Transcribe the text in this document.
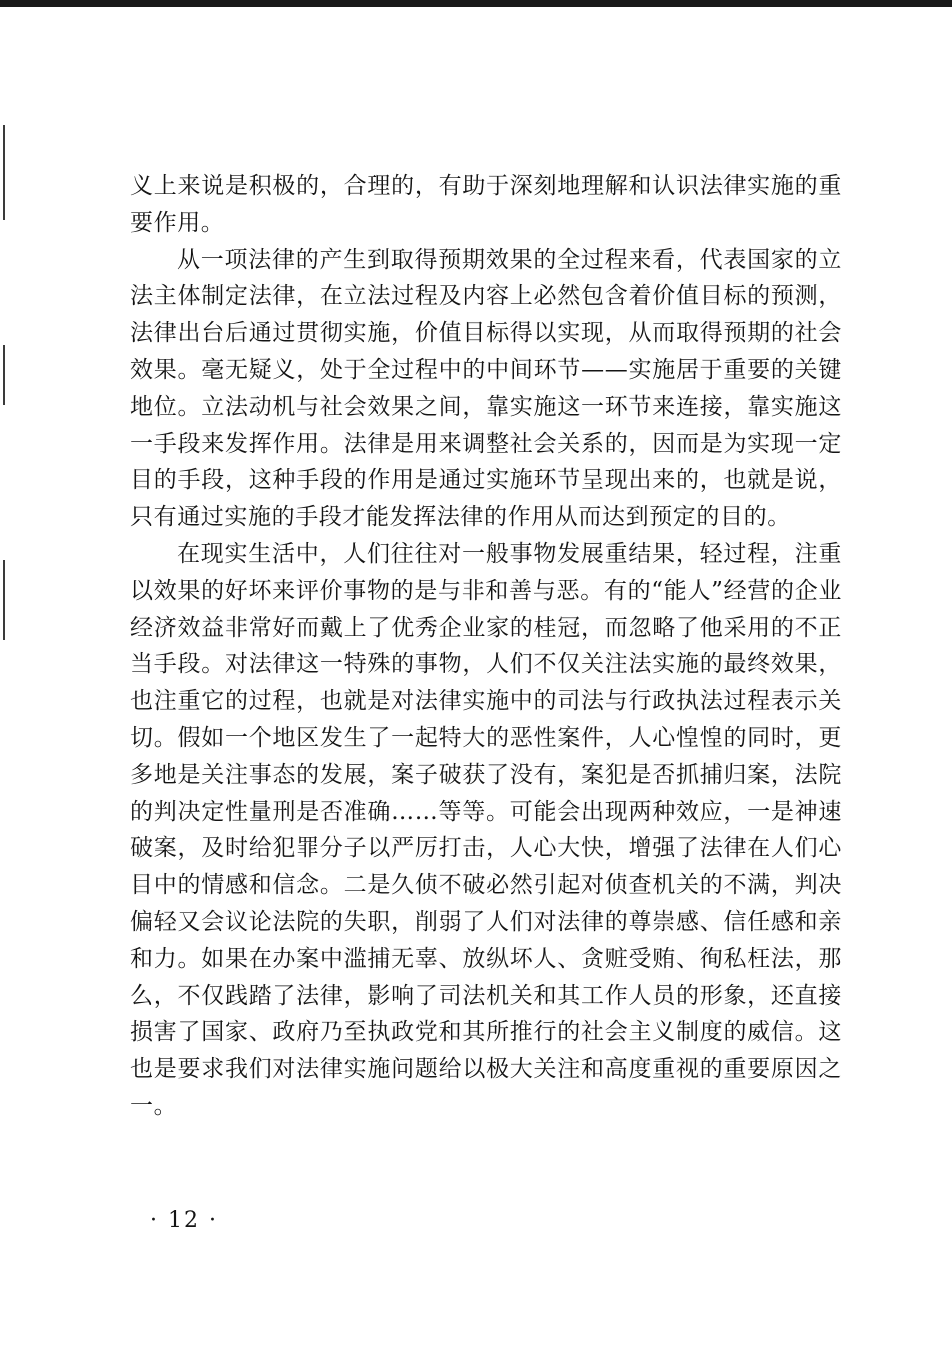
义上来说是积极的，合理的，有助于深刻地理解和认识法律实施的重要作用。

从一项法律的产生到取得预期效果的全过程来看，代表国家的立法主体制定法律，在立法过程及内容上必然包含着价值目标的预测，法律出台后通过贯彻实施，价值目标得以实现，从而取得预期的社会效果。毫无疑义，处于全过程中的中间环节——实施居于重要的关键地位。立法动机与社会效果之间，靠实施这一环节来连接，靠实施这一手段来发挥作用。法律是用来调整社会关系的，因而是为实现一定目的手段，这种手段的作用是通过实施环节呈现出来的，也就是说，只有通过实施的手段才能发挥法律的作用从而达到预定的目的。

在现实生活中，人们往往对一般事物发展重结果，轻过程，注重以效果的好坏来评价事物的是与非和善与恶。有的“能人”经营的企业经济效益非常好而戴上了优秀企业家的桂冠，而忽略了他采用的不正当手段。对法律这一特殊的事物，人们不仅关注法实施的最终效果，也注重它的过程，也就是对法律实施中的司法与行政执法过程表示关切。假如一个地区发生了一起特大的恶性案件，人心惶惶的同时，更多地是关注事态的发展，案子破获了没有，案犯是否抓捕归案，法院的判决定性量刑是否准确……等等。可能会出现两种效应，一是神速破案，及时给犯罪分子以严厉打击，人心大快，增强了法律在人们心目中的情感和信念。二是久侦不破必然引起对侦查机关的不满，判决偏轻又会议论法院的失职，削弱了人们对法律的尊崇感、信任感和亲和力。如果在办案中滥捕无辜、放纵坏人、贪赃受贿、徇私枉法，那么，不仅践踏了法律，影响了司法机关和其工作人员的形象，还直接损害了国家、政府乃至执政党和其所推行的社会主义制度的威信。这也是要求我们对法律实施问题给以极大关注和高度重视的重要原因之一。

· 12 ·
